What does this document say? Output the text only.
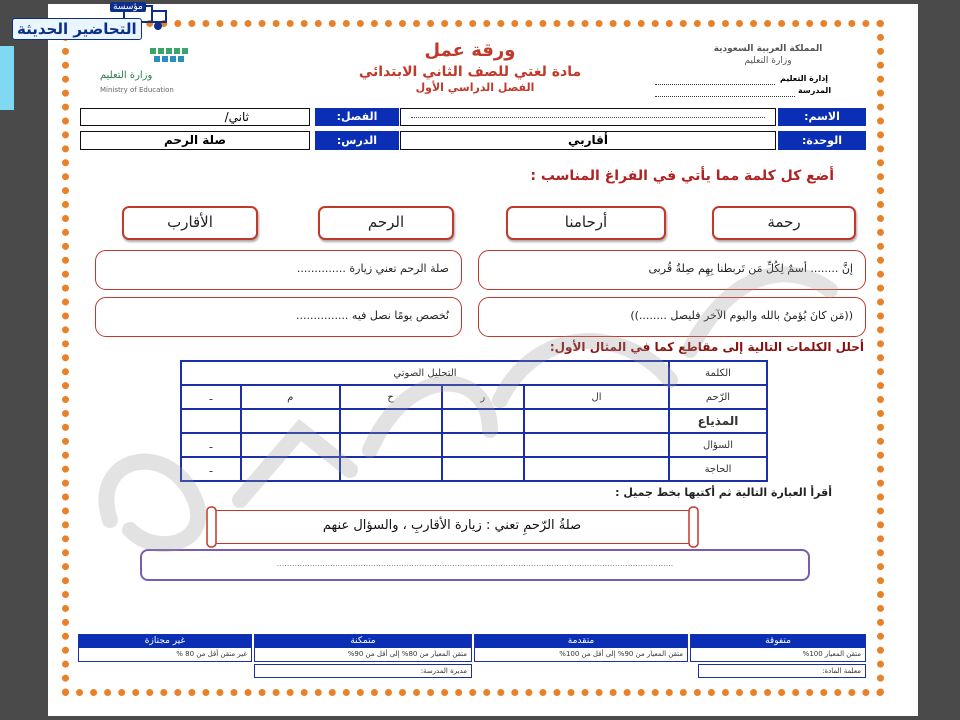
مؤسسة
التحاضير الحديثة
وزارة التعليم
Ministry of Education
ورقة عمل
مادة لغتي للصف الثاني الابتدائي
الفصل الدراسي الأول
المملكة العربية السعودية
وزارة التعليم
إدارة التعليم
المدرسة
الاسم:
الفصل:
ثاني/
الوحدة:
أقاربي
الدرس:
صلة الرحم
أضع كل كلمة مما يأتي في الفراغ المناسب :
رحمة
أرحامنا
الرحم
الأقارب
إنَّ ........ أسمٌ لِكُلِّ مَن تَربطنا بِهِم صِلةُ قُربى
صلة الرحم تعني زيارة ..............
((مَن كانَ يُؤمنُ بالله واليوم الآخر فليصل ........))
نُخصص يومًا نصل فيه ...............
أحلل الكلمات التالية إلى مقاطع كما في المثال الأول:
الكلمة	التحليل الصوتي				
الرّحم	ال	ر	ح	م	ـ
المذياع					
السؤال					ـ
الحاجة					ـ
أقرأ العبارة التالية ثم أكتبها بخط جميل :
صلةُ الرّحمِ تعني : زيارة الأقاربِ ، والسؤال عنهم
............................................................................................................................................................
متفوقة
متقن المعيار 100%
متقدمة
متقن المعيار من 90% إلى أقل من 100%
متمكنة
متقن المعيار من 80% إلى أقل من 90%
غير مجتازة
غير متقن أقل من 80 %
معلمة المادة:
مديرة المدرسة:
